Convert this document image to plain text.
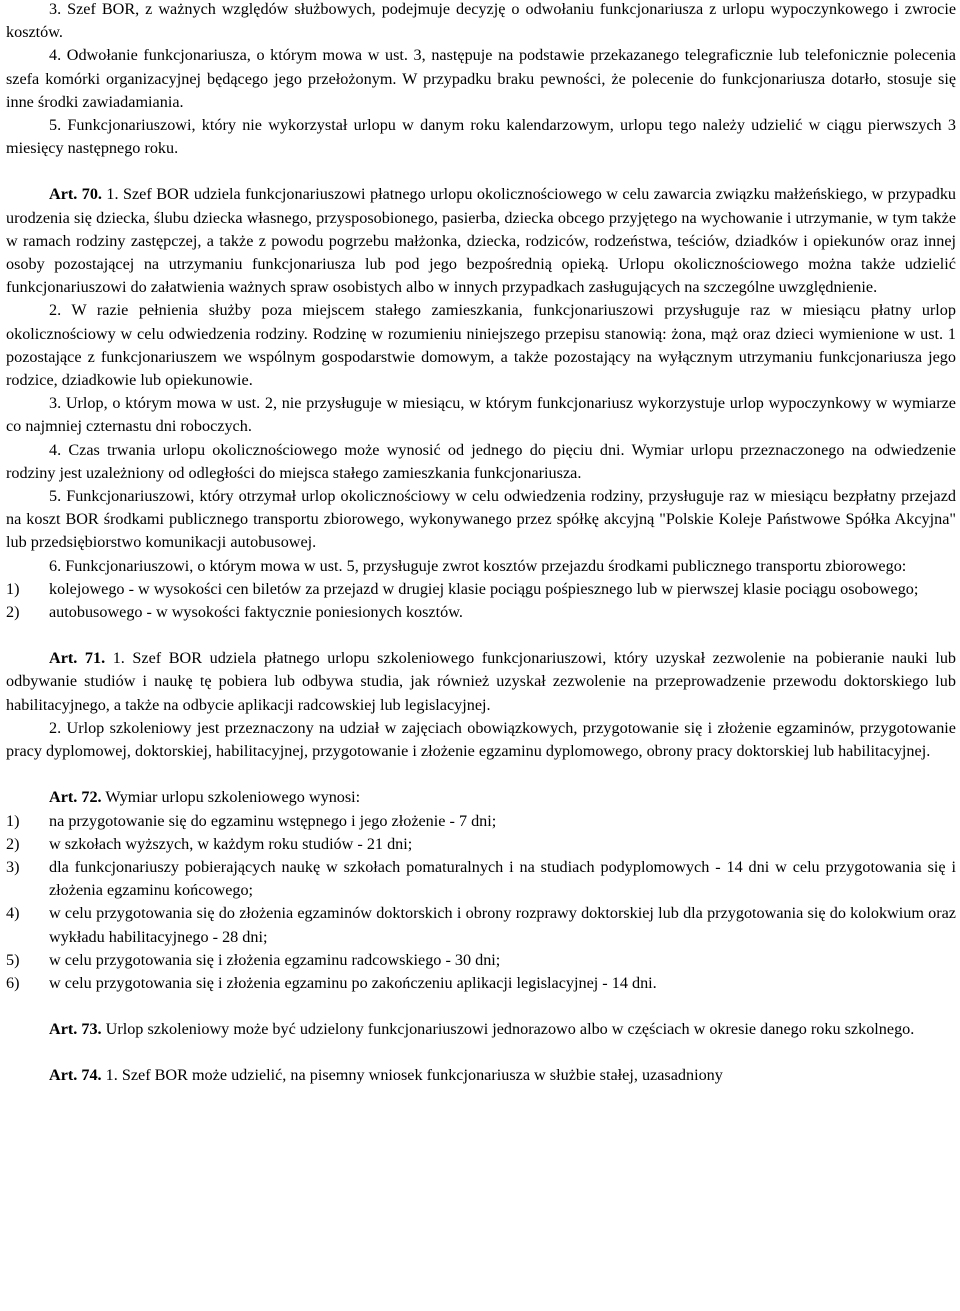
3. Szef BOR, z ważnych względów służbowych, podejmuje decyzję o odwołaniu funkcjonariusza z urlopu wypoczynkowego i zwrocie kosztów.

4. Odwołanie funkcjonariusza, o którym mowa w ust. 3, następuje na podstawie przekazanego telegraficznie lub telefonicznie polecenia szefa komórki organizacyjnej będącego jego przełożonym. W przypadku braku pewności, że polecenie do funkcjonariusza dotarło, stosuje się inne środki zawiadamiania.

5. Funkcjonariuszowi, który nie wykorzystał urlopu w danym roku kalendarzowym, urlopu tego należy udzielić w ciągu pierwszych 3 miesięcy następnego roku.

Art. 70. 1. Szef BOR udziela funkcjonariuszowi płatnego urlopu okolicznościowego w celu zawarcia związku małżeńskiego, w przypadku urodzenia się dziecka, ślubu dziecka własnego, przysposobionego, pasierba, dziecka obcego przyjętego na wychowanie i utrzymanie, w tym także w ramach rodziny zastępczej, a także z powodu pogrzebu małżonka, dziecka, rodziców, rodzeństwa, teściów, dziadków i opiekunów oraz innej osoby pozostającej na utrzymaniu funkcjonariusza lub pod jego bezpośrednią opieką. Urlopu okolicznościowego można także udzielić funkcjonariuszowi do załatwienia ważnych spraw osobistych albo w innych przypadkach zasługujących na szczególne uwzględnienie.

2. W razie pełnienia służby poza miejscem stałego zamieszkania, funkcjonariuszowi przysługuje raz w miesiącu płatny urlop okolicznościowy w celu odwiedzenia rodziny. Rodzinę w rozumieniu niniejszego przepisu stanowią: żona, mąż oraz dzieci wymienione w ust. 1 pozostające z funkcjonariuszem we wspólnym gospodarstwie domowym, a także pozostający na wyłącznym utrzymaniu funkcjonariusza jego rodzice, dziadkowie lub opiekunowie.

3. Urlop, o którym mowa w ust. 2, nie przysługuje w miesiącu, w którym funkcjonariusz wykorzystuje urlop wypoczynkowy w wymiarze co najmniej czternastu dni roboczych.

4. Czas trwania urlopu okolicznościowego może wynosić od jednego do pięciu dni. Wymiar urlopu przeznaczonego na odwiedzenie rodziny jest uzależniony od odległości do miejsca stałego zamieszkania funkcjonariusza.

5. Funkcjonariuszowi, który otrzymał urlop okolicznościowy w celu odwiedzenia rodziny, przysługuje raz w miesiącu bezpłatny przejazd na koszt BOR środkami publicznego transportu zbiorowego, wykonywanego przez spółkę akcyjną "Polskie Koleje Państwowe Spółka Akcyjna" lub przedsiębiorstwo komunikacji autobusowej.

6. Funkcjonariuszowi, o którym mowa w ust. 5, przysługuje zwrot kosztów przejazdu środkami publicznego transportu zbiorowego:

1)	kolejowego - w wysokości cen biletów za przejazd w drugiej klasie pociągu pośpiesznego lub w pierwszej klasie pociągu osobowego;
2)	autobusowego - w wysokości faktycznie poniesionych kosztów.

Art. 71. 1. Szef BOR udziela płatnego urlopu szkoleniowego funkcjonariuszowi, który uzyskał zezwolenie na pobieranie nauki lub odbywanie studiów i naukę tę pobiera lub odbywa studia, jak również uzyskał zezwolenie na przeprowadzenie przewodu doktorskiego lub habilitacyjnego, a także na odbycie aplikacji radcowskiej lub legislacyjnej.

2. Urlop szkoleniowy jest przeznaczony na udział w zajęciach obowiązkowych, przygotowanie się i złożenie egzaminów, przygotowanie pracy dyplomowej, doktorskiej, habilitacyjnej, przygotowanie i złożenie egzaminu dyplomowego, obrony pracy doktorskiej lub habilitacyjnej.

Art. 72. Wymiar urlopu szkoleniowego wynosi:

1)	na przygotowanie się do egzaminu wstępnego i jego złożenie - 7 dni;
2)	w szkołach wyższych, w każdym roku studiów - 21 dni;
3)	dla funkcjonariuszy pobierających naukę w szkołach pomaturalnych i na studiach podyplomowych - 14 dni w celu przygotowania się i złożenia egzaminu końcowego;
4)	w celu przygotowania się do złożenia egzaminów doktorskich i obrony rozprawy doktorskiej lub dla przygotowania się do kolokwium oraz wykładu habilitacyjnego - 28 dni;
5)	w celu przygotowania się i złożenia egzaminu radcowskiego - 30 dni;
6)	w celu przygotowania się i złożenia egzaminu po zakończeniu aplikacji legislacyjnej - 14 dni.

Art. 73. Urlop szkoleniowy może być udzielony funkcjonariuszowi jednorazowo albo w częściach w okresie danego roku szkolnego.

Art. 74. 1. Szef BOR może udzielić, na pisemny wniosek funkcjonariusza w służbie stałej, uzasadniony
